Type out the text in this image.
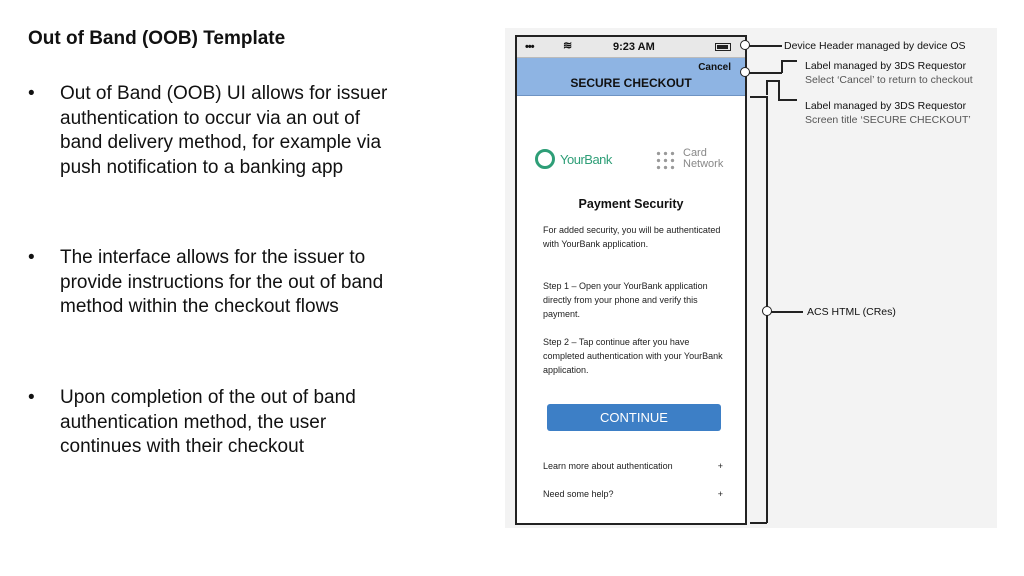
Out of Band (OOB) Template
• Out of Band (OOB) UI allows for issuer authentication to occur via an out of band delivery method, for example via push notification to a banking app
• The interface allows for the issuer to provide instructions for the out of band method within the checkout flows
• Upon completion of the out of band authentication method, the user continues with their checkout
•••	≋	9:23 AM
Cancel
SECURE CHECKOUT
YourBank	Card
Network
Payment Security
For added security, you will be authenticated with YourBank application.
Step 1 – Open your YourBank application directly from your phone and verify this payment.
Step 2 – Tap continue after you have completed authentication with your YourBank application.
CONTINUE
Learn more about authentication	+
Need some help?	+
Device Header managed by device OS
Label managed by 3DS Requestor
Select ‘Cancel’ to return to checkout
Label managed by 3DS Requestor
Screen title ‘SECURE CHECKOUT’
ACS HTML (CRes)
